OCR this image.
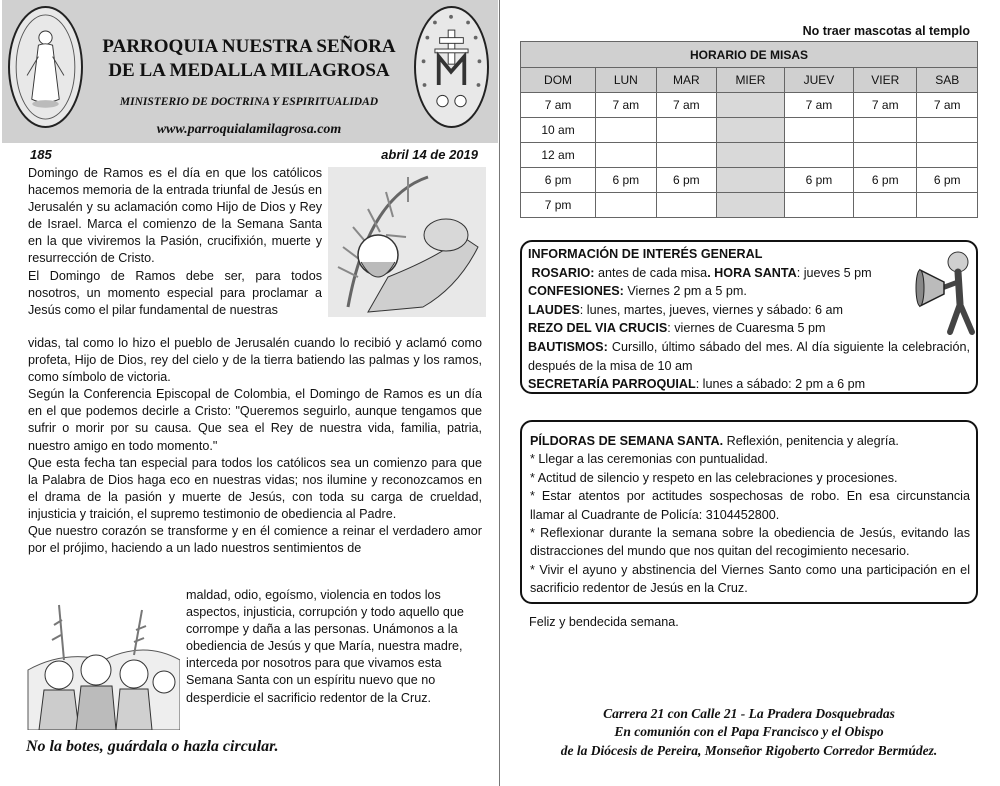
PARROQUIA NUESTRA SEÑORA
DE LA MEDALLA MILAGROSA
MINISTERIO DE DOCTRINA Y ESPIRITUALIDAD
www.parroquialamilagrosa.com
185	abril 14 de 2019

Domingo de Ramos es el día en que los católicos hacemos memoria de la entrada triunfal de Jesús en Jerusalén y su aclamación como Hijo de Dios y Rey de Israel. Marca el comienzo de la Semana Santa en la que viviremos la Pasión, crucifixión, muerte y resurrección de Cristo.

El Domingo de Ramos debe ser, para todos nosotros, un momento especial para proclamar a Jesús como el pilar fundamental de nuestras

vidas, tal como lo hizo el pueblo de Jerusalén cuando lo recibió y aclamó como profeta, Hijo de Dios, rey del cielo y de la tierra batiendo las palmas y los ramos, como símbolo de victoria.

Según la Conferencia Episcopal de Colombia, el Domingo de Ramos es un día en el que podemos decirle a Cristo: "Queremos seguirlo, aunque tengamos que sufrir o morir por su causa. Que sea el Rey de nuestra vida, familia, patria, nuestro amigo en todo momento."

Que esta fecha tan especial para todos los católicos sea un comienzo para que la Palabra de Dios haga eco en nuestras vidas; nos ilumine y reconozcamos en el drama de la pasión y muerte de Jesús, con toda su carga de crueldad, injusticia y traición, el supremo testimonio de obediencia al Padre.

Que nuestro corazón se transforme y en él comience a reinar el verdadero amor por el prójimo, haciendo a un lado nuestros sentimientos de

maldad, odio, egoísmo, violencia en todos los aspectos, injusticia, corrupción y todo aquello que corrompe y daña a las personas. Unámonos a la obediencia de Jesús y que María, nuestra madre, interceda por nosotros para que vivamos esta Semana Santa con un espíritu nuevo que no desperdicie el sacrificio redentor de la Cruz.
No la botes, guárdala o hazla circular.
No traer mascotas al templo
HORARIO DE MISAS						
DOM	LUN	MAR	MIER	JUEV	VIER	SAB
7 am	7 am	7 am		7 am	7 am	7 am
10 am						
12 am						
6 pm	6 pm	6 pm		6 pm	6 pm	6 pm
7 pm						
INFORMACIÓN DE INTERÉS GENERAL
ROSARIO: antes de cada misa. HORA SANTA: jueves 5 pm
CONFESIONES: Viernes 2 pm a 5 pm.
LAUDES: lunes, martes, jueves, viernes y sábado: 6 am
REZO DEL VIA CRUCIS: viernes de Cuaresma 5 pm
BAUTISMOS: Cursillo, último sábado del mes. Al día siguiente la celebración, después de la misa de 10 am
SECRETARÍA PARROQUIAL: lunes a sábado: 2 pm a 6 pm
PÍLDORAS DE SEMANA SANTA. Reflexión, penitencia y alegría.
* Llegar a las ceremonias con puntualidad.
* Actitud de silencio y respeto en las celebraciones y procesiones.
* Estar atentos por actitudes sospechosas de robo. En esa circunstancia llamar al Cuadrante de Policía: 3104452800.
* Reflexionar durante la semana sobre la obediencia de Jesús, evitando las distracciones del mundo que nos quitan del recogimiento necesario.
* Vivir el ayuno y abstinencia del Viernes Santo como una participación en el sacrificio redentor de Jesús en la Cruz.
Feliz y bendecida semana.
Carrera 21 con Calle 21 - La Pradera Dosquebradas
En comunión con el Papa Francisco y el Obispo
de la Diócesis de Pereira, Monseñor Rigoberto Corredor Bermúdez.
